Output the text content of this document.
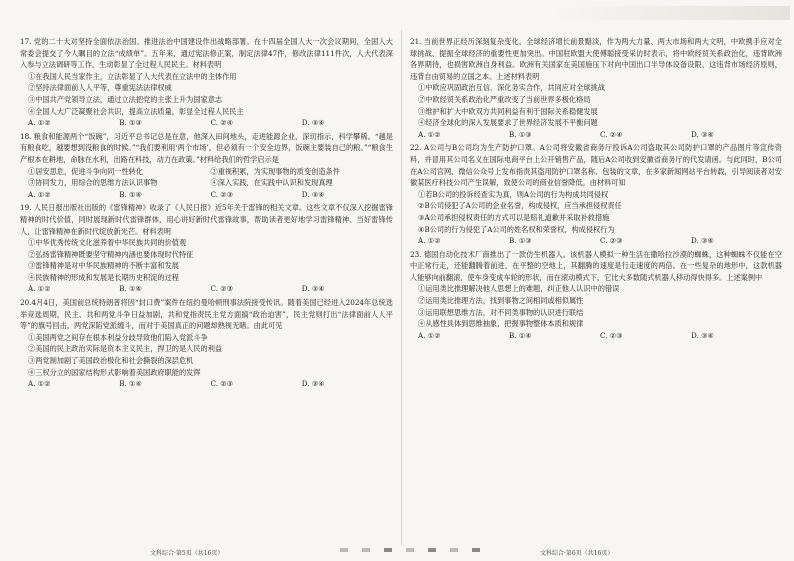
17. 党的二十大对坚持全面依法治国、推进法治中国建设作出战略部署。在十四届全国人大一次会议期间，全国人大常委会提交了今人瞩目的立法“成绩单”。五年来，通过宪法修正案，制定法律47件，修改法律111件次，人大代表深入参与立法调研等工作，生动彰显了全过程人民民主。材料表明
①在我国人民当家作主，立法彰显了人大代表在立法中的主体作用
②坚持法律面前人人平等，尊重宪法法律权威
③中国共产党领导立法，通过立法把党的主张上升为国家意志
④全国人大广泛凝聚社会共识，提高立法质量，彰显全过程人民民主
A. ①②	B. ①③	C. ②④	D. ③④
18. 粮食和能源两个“饭碗”，习近平总书记总是在意，他深入田间地头，走进能源企业，深切指示，科学攀稀。“越是有粮食吃，越要想到没粮食的时候。”“我们要利用‘两个市场’，但必须有一个安全边界，饭碗主要装自己的粮。”“粮食生产根本在耕地，命脉在水利，出路在科技，动力在政策。”材料给我们的哲学启示是
①居安思危，促进斗争向同一性转化	②重视积累，为实现事物的质变创造条件
③协同发力，用综合的思维方法认识事物	④深入实践，在实践中认识和发现真理
A. ①②	B. ①④	C. ②③	D. ③④
19. 人民日报出版社出版的《雷锋精神》收录了《人民日报》近5年关于雷锋的相关文章。这些文章不仅深入挖掘雷锋精神的时代价值，同时展现新时代雷锋群体，用心讲好新时代雷锋故事，帮助读者更好地学习雷锋精神、当好雷锋传人，让雷锋精神在新时代绽放新光芒。材料表明
①中华优秀传统文化滋养着中华民族共同的价值观
②弘扬雷锋精神既要坚守精神内涵也要体现时代特征
③雷锋精神是对中华民族精神的不断丰富和发展
④民族精神的形成和发展是长期历史积淀的过程
A. ①②	B. ①④	C. ②③	D. ③④
20.4月4日，美国前总统特朗普将因“封口费”案件在纽约曼哈顿刑事法院接受传讯。随着美国已经进入2024年总统选举竞选周期，民主、共和两党斗争日益加剧，共和党指责民主党方面搞“政治迫害”，民主党则打出“法律面前人人平等”的旗号回击。两党深陷党派缠斗，而对于美国真正的问题却熟视无睹。由此可见
①美国两党之间存在根本利益分歧导致他们陷入党派斗争
②美国的民主政治实际是资本主义民主，捍卫的是人民的利益
③两党制加剧了美国政治极化和社会撕裂的深层危机
④三权分立的国家结构形式影响着美国政府职能的发挥
A. ①②	B. ①④	C. ②③	D. ③④
21. 当前世界正经历深刻复杂变化，全球经济增长前景黯淡，作为两大力量、两大市场和两大文明，中欧携手应对全球挑战、提振全球经济的重要性更加突出。中国驻欧盟大使傅聪接受采访时表示，将中欧经贸关系政治化，违背欧洲各界期待，也损害欧洲自身利益。欧洲有关国家在美国施压下对向中国出口半导体设备设限，这违背市场经济原则，违背自由贸易的立国之本。上述材料表明
①中欧应巩固政治互信、深化务实合作，共同应对全球挑战
②中欧经贸关系政治化严重改变了当前世界多极化格局
③维护和扩大中欧双方共同利益有利于国际关系稳健发展
④经济全球化的深入发展要求了世界经济发展不平衡问题
A. ①②	B. ①③	C. ②④	D. ③④
22. A公司与B公司均为生产防护口罩。A公司将安徽省商务厅投诉A公司盗取其公司防护口罩的产品图片等宣传资料，并冒用其公司名义在国际电商平台上公开销售产品，随后A公司收到安徽省商务厅的代发请函。与此同时，B公司在A公司官网、微信公众号上发布指责其盗用防护口罩名称、包装的文章，在多家新闻网站平台转载，引导阅读者对安徽某医疗科技公司产生误解，致使公司的商业信誉降低。由材料可知
①若B公司的投诉经查实为真，则A公司的行为构成共同侵权
②B公司侵犯了A公司的企业名誉，构成侵权，应当承担侵权责任
③A公司承担侵权责任的方式可以是赔礼道歉并采取补救措施
④B公司的行为侵犯了A公司的姓名权和荣誉权，构成侵权行为
A. ①②	B. ①③	C. ②③	D. ③④
23. 德国自动化技术厂商推出了一款仿生机器人。该机器人模拟一种生活在撒哈拉沙漠的蜘蛛，这种蜘蛛不仅能在空中正常行走，还能翻腾着前进，在平整的空地上，其翻腾的速度是行走速度的两倍。在一些复杂的地形中，这款机器人能够向前翻滚，使车身变成车轮的形状，而在滚动模式下，它比大多数随式机器人移动得快得多。上述案例中
①运用类比推理解决他人思想上的难题，纠正他人认识中的错误
②运用类比推理方法，找到事物之间相同或相似属性
③运用联想思维方法，对不同类事物的认识进行联结
④从感性具体到思维抽象，把握事物整体本质和规律
A. ①②	B. ①④	C. ②③	D. ③④
文科综合·第5页（共16页）	文科综合·第6页（共16页）
